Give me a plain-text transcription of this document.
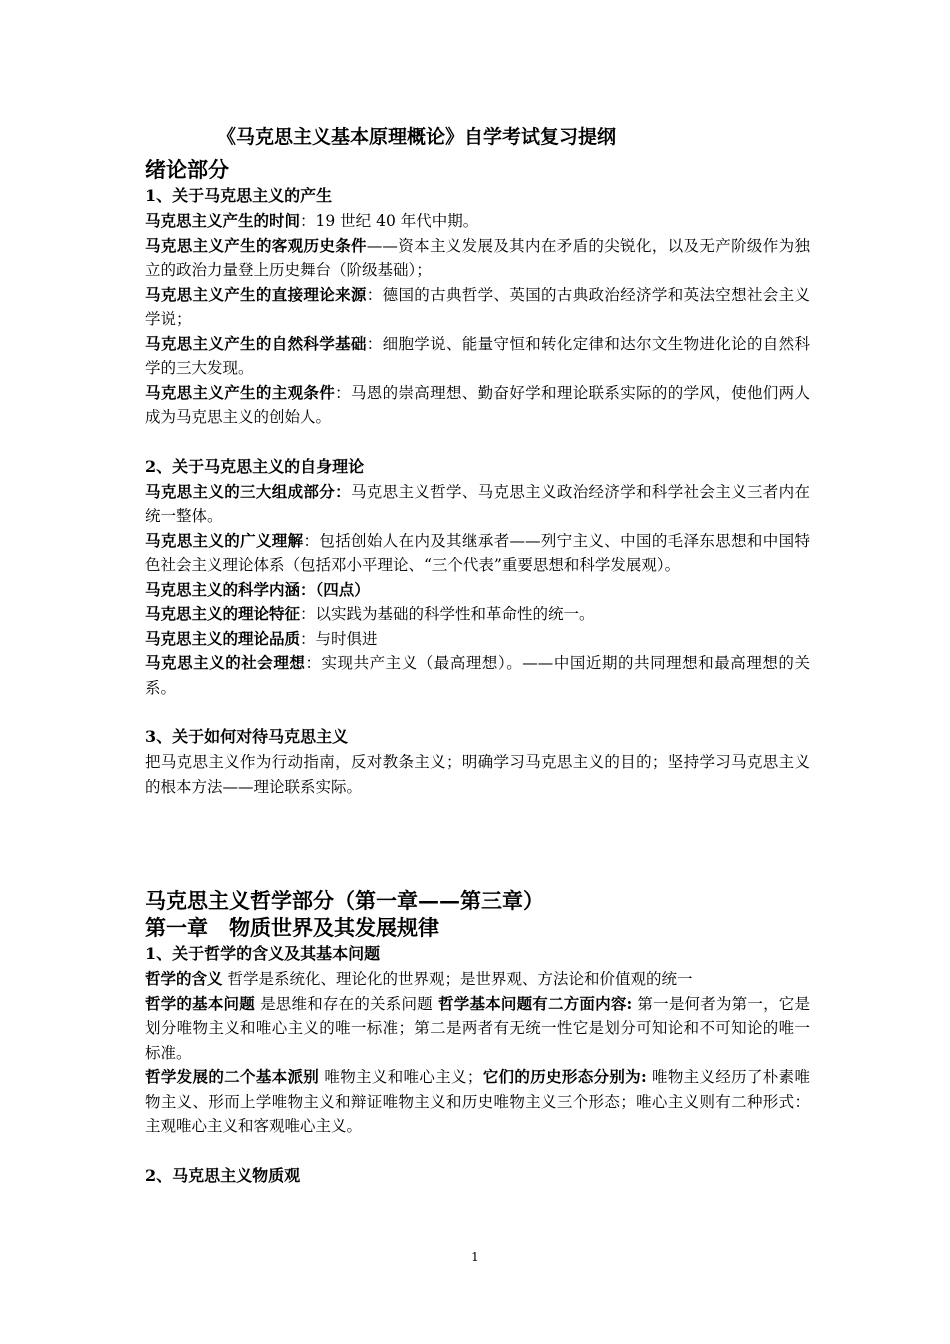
《马克思主义基本原理概论》自学考试复习提纲
绪论部分
1、关于马克思主义的产生

马克思主义产生的时间：19 世纪 40 年代中期。

马克思主义产生的客观历史条件——资本主义发展及其内在矛盾的尖锐化，以及无产阶级作为独立的政治力量登上历史舞台（阶级基础）；

马克思主义产生的直接理论来源：德国的古典哲学、英国的古典政治经济学和英法空想社会主义学说；

马克思主义产生的自然科学基础：细胞学说、能量守恒和转化定律和达尔文生物进化论的自然科学的三大发现。

马克思主义产生的主观条件：马恩的崇高理想、勤奋好学和理论联系实际的的学风，使他们两人成为马克思主义的创始人。

2、关于马克思主义的自身理论

马克思主义的三大组成部分：马克思主义哲学、马克思主义政治经济学和科学社会主义三者内在统一整体。

马克思主义的广义理解：包括创始人在内及其继承者——列宁主义、中国的毛泽东思想和中国特色社会主义理论体系（包括邓小平理论、“三个代表”重要思想和科学发展观）。

马克思主义的科学内涵：（四点）

马克思主义的理论特征：以实践为基础的科学性和革命性的统一。

马克思主义的理论品质：与时俱进

马克思主义的社会理想：实现共产主义（最高理想）。——中国近期的共同理想和最高理想的关系。

3、关于如何对待马克思主义

把马克思主义作为行动指南，反对教条主义；明确学习马克思主义的目的；坚持学习马克思主义的根本方法——理论联系实际。

马克思主义哲学部分（第一章——第三章）
第一章　物质世界及其发展规律
1、关于哲学的含义及其基本问题

哲学的含义 哲学是系统化、理论化的世界观；是世界观、方法论和价值观的统一

哲学的基本问题 是思维和存在的关系问题 哲学基本问题有二方面内容: 第一是何者为第一，它是划分唯物主义和唯心主义的唯一标准；第二是两者有无统一性它是划分可知论和不可知论的唯一标准。

哲学发展的二个基本派别 唯物主义和唯心主义；它们的历史形态分别为: 唯物主义经历了朴素唯物主义、形而上学唯物主义和辩证唯物主义和历史唯物主义三个形态；唯心主义则有二种形式：主观唯心主义和客观唯心主义。

2、马克思主义物质观
1
